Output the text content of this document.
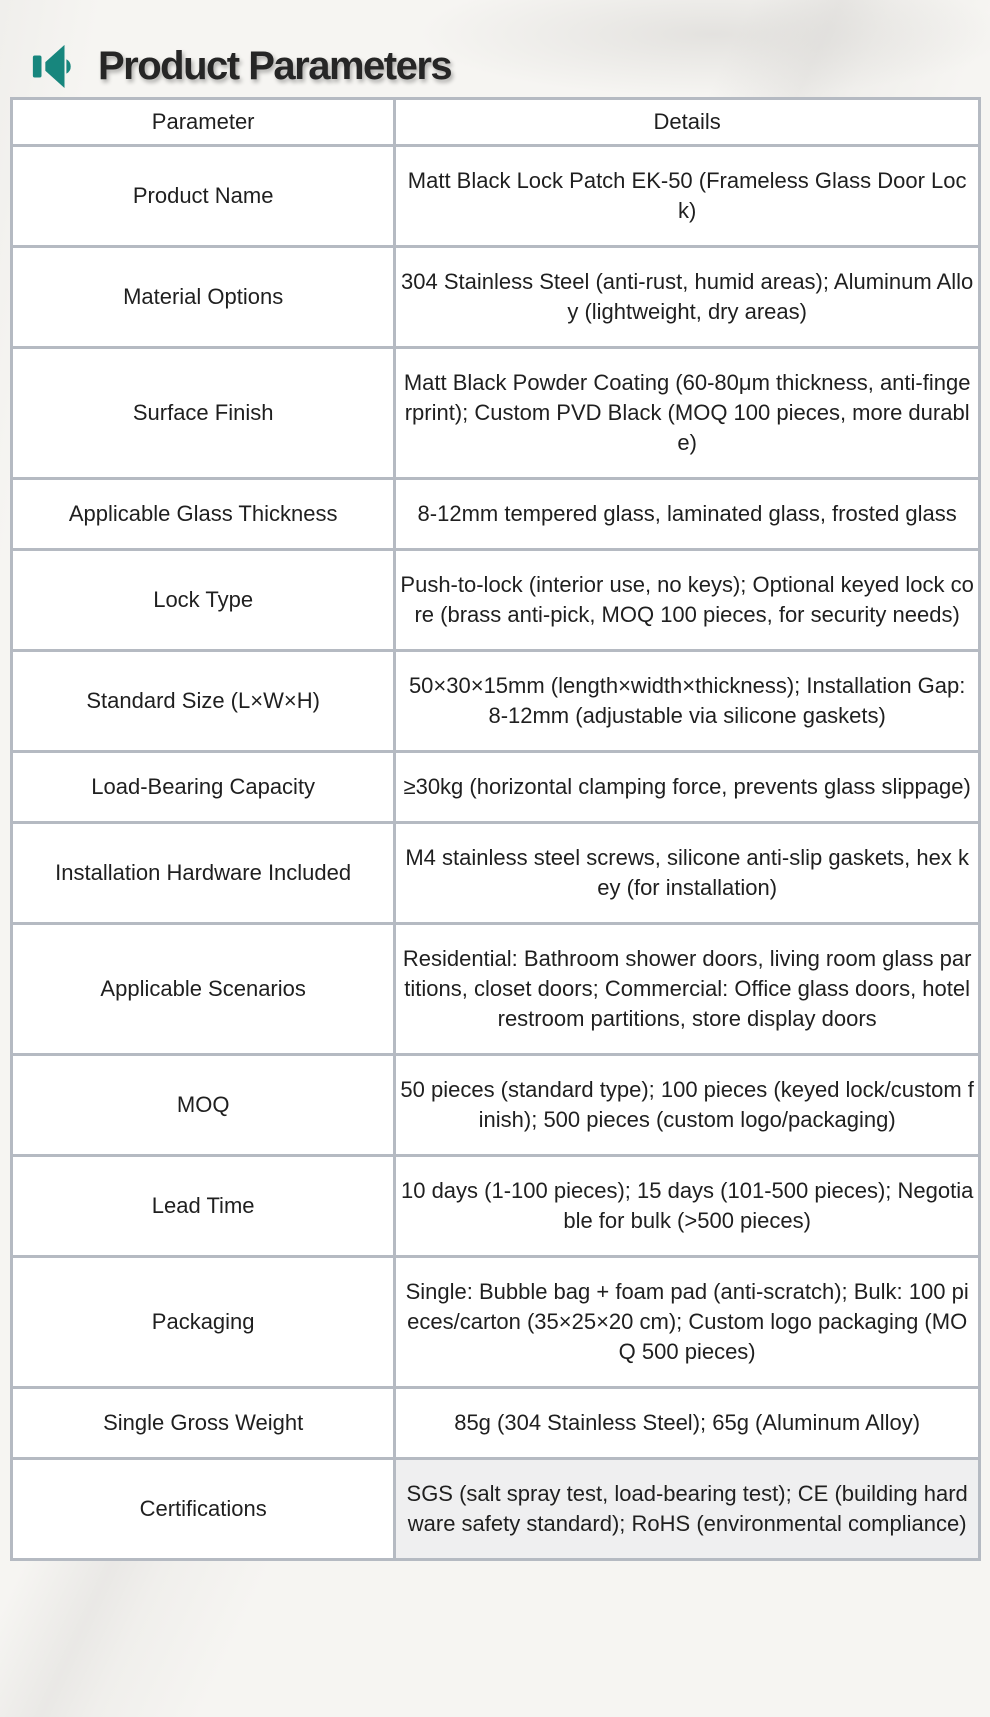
Product Parameters
Parameter	Details
Product Name	Matt Black Lock Patch EK-50 (Frameless Glass Door Lock)
Material Options	304 Stainless Steel (anti-rust, humid areas); Aluminum Alloy (lightweight, dry areas)
Surface Finish	Matt Black Powder Coating (60-80μm thickness, anti-fingerprint); Custom PVD Black (MOQ 100 pieces, more durable)
Applicable Glass Thickness	8-12mm tempered glass, laminated glass, frosted glass
Lock Type	Push-to-lock (interior use, no keys); Optional keyed lock core (brass anti-pick, MOQ 100 pieces, for security needs)
Standard Size (L×W×H)	50×30×15mm (length×width×thickness); Installation Gap: 8-12mm (adjustable via silicone gaskets)
Load-Bearing Capacity	≥30kg (horizontal clamping force, prevents glass slippage)
Installation Hardware Included	M4 stainless steel screws, silicone anti-slip gaskets, hex key (for installation)
Applicable Scenarios	Residential: Bathroom shower doors, living room glass partitions, closet doors; Commercial: Office glass doors, hotel restroom partitions, store display doors
MOQ	50 pieces (standard type); 100 pieces (keyed lock/custom finish); 500 pieces (custom logo/packaging)
Lead Time	10 days (1-100 pieces); 15 days (101-500 pieces); Negotiable for bulk (>500 pieces)
Packaging	Single: Bubble bag + foam pad (anti-scratch); Bulk: 100 pieces/carton (35×25×20 cm); Custom logo packaging (MOQ 500 pieces)
Single Gross Weight	85g (304 Stainless Steel); 65g (Aluminum Alloy)
Certifications	SGS (salt spray test, load-bearing test); CE (building hardware safety standard); RoHS (environmental compliance)
